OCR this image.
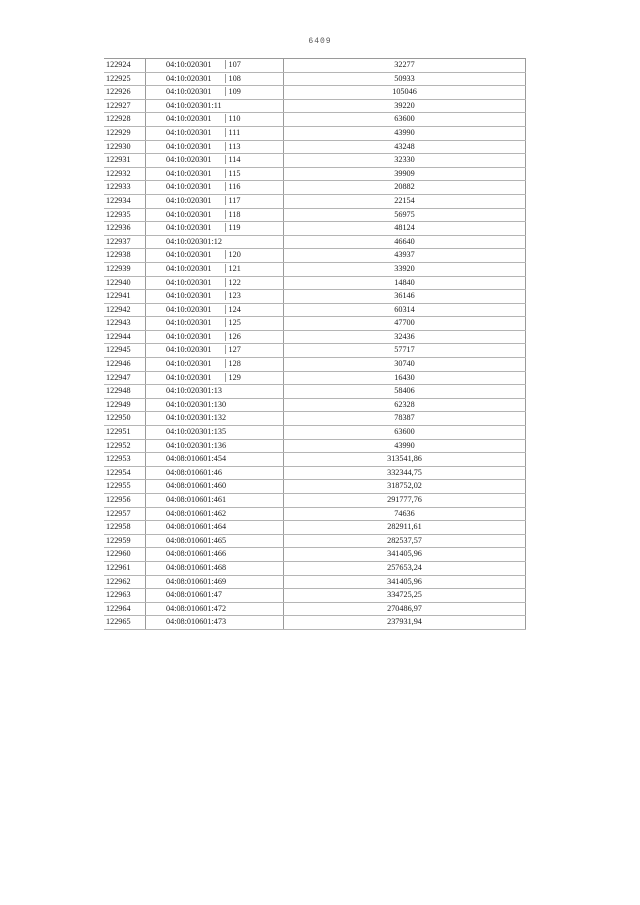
6409
122924	04:10:020301 107	32277
122925	04:10:020301 108	50933
122926	04:10:020301 109	105046
122927	04:10:020301:11	39220
122928	04:10:020301 110	63600
122929	04:10:020301 111	43990
122930	04:10:020301 113	43248
122931	04:10:020301 114	32330
122932	04:10:020301 115	39909
122933	04:10:020301 116	20882
122934	04:10:020301 117	22154
122935	04:10:020301 118	56975
122936	04:10:020301 119	48124
122937	04:10:020301:12	46640
122938	04:10:020301 120	43937
122939	04:10:020301 121	33920
122940	04:10:020301 122	14840
122941	04:10:020301 123	36146
122942	04:10:020301 124	60314
122943	04:10:020301 125	47700
122944	04:10:020301 126	32436
122945	04:10:020301 127	57717
122946	04:10:020301 128	30740
122947	04:10:020301 129	16430
122948	04:10:020301:13	58406
122949	04:10:020301:130	62328
122950	04:10:020301:132	78387
122951	04:10:020301:135	63600
122952	04:10:020301:136	43990
122953	04:08:010601:454	313541,86
122954	04:08:010601:46	332344,75
122955	04:08:010601:460	318752,02
122956	04:08:010601:461	291777,76
122957	04:08:010601:462	74636
122958	04:08:010601:464	282911,61
122959	04:08:010601:465	282537,57
122960	04:08:010601:466	341405,96
122961	04:08:010601:468	257653,24
122962	04:08:010601:469	341405,96
122963	04:08:010601:47	334725,25
122964	04:08:010601:472	270486,97
122965	04:08:010601:473	237931,94
